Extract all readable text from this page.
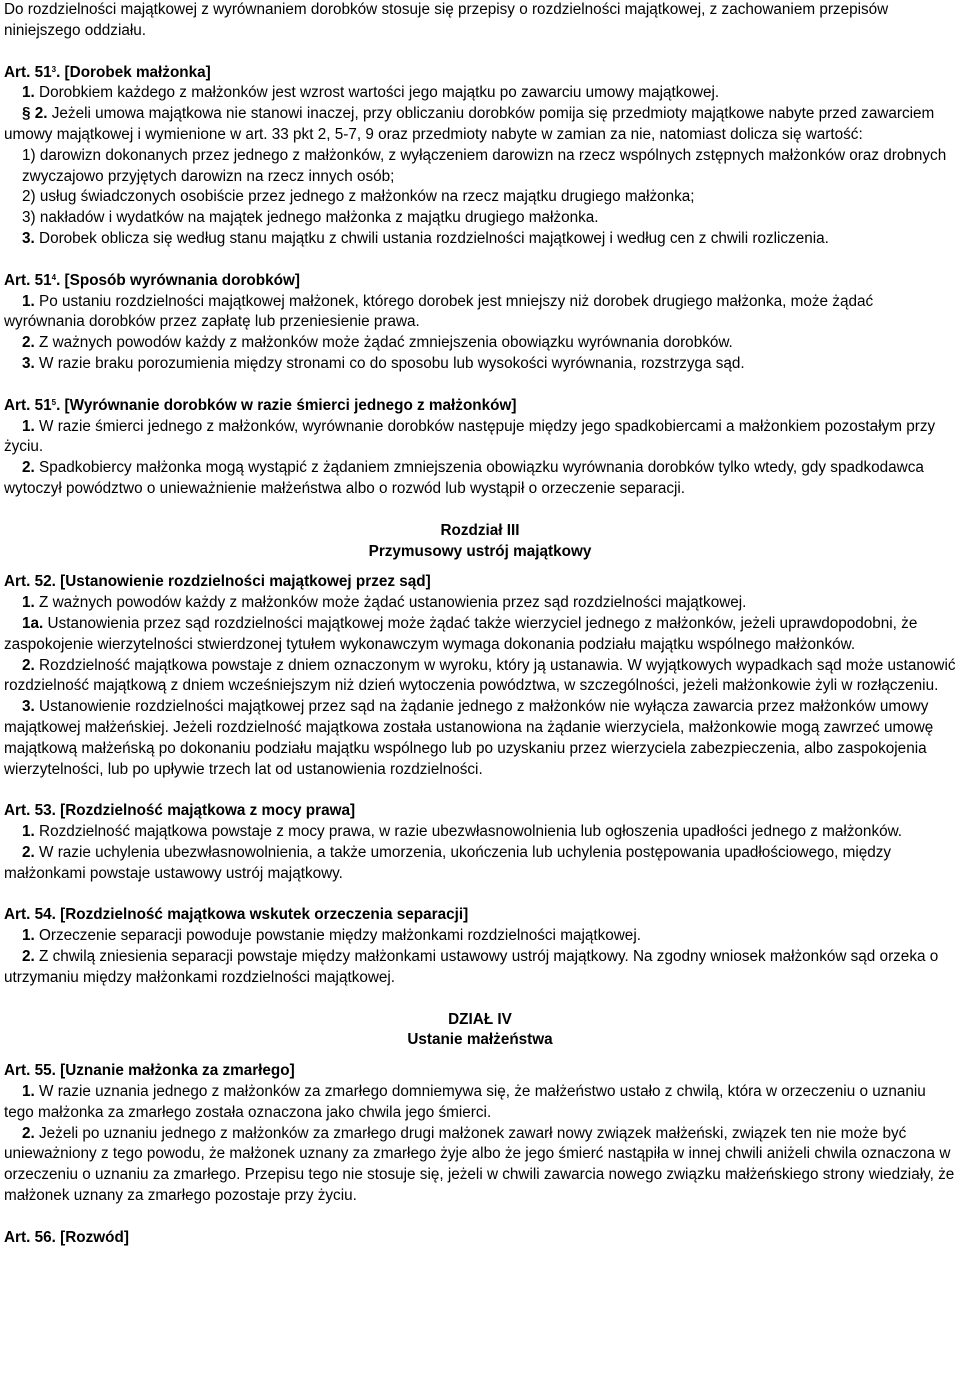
Do rozdzielności majątkowej z wyrównaniem dorobków stosuje się przepisy o rozdzielności majątkowej, z zachowaniem przepisów niniejszego oddziału.

Art. $51^3$. [Dorobek małżonka]

1. Dorobkiem każdego z małżonków jest wzrost wartości jego majątku po zawarciu umowy majątkowej.

§ 2. Jeżeli umowa majątkowa nie stanowi inaczej, przy obliczaniu dorobków pomija się przedmioty majątkowe nabyte przed zawarciem umowy majątkowej i wymienione w art. 33 pkt 2, 5-7, 9 oraz przedmioty nabyte w zamian za nie, natomiast dolicza się wartość:

1) darowizn dokonanych przez jednego z małżonków, z wyłączeniem darowizn na rzecz wspólnych zstępnych małżonków oraz drobnych zwyczajowo przyjętych darowizn na rzecz innych osób;

2) usług świadczonych osobiście przez jednego z małżonków na rzecz majątku drugiego małżonka;

3) nakładów i wydatków na majątek jednego małżonka z majątku drugiego małżonka.

3. Dorobek oblicza się według stanu majątku z chwili ustania rozdzielności majątkowej i według cen z chwili rozliczenia.

Art. $51^4$. [Sposób wyrównania dorobków]

1. Po ustaniu rozdzielności majątkowej małżonek, którego dorobek jest mniejszy niż dorobek drugiego małżonka, może żądać wyrównania dorobków przez zapłatę lub przeniesienie prawa.

2. Z ważnych powodów każdy z małżonków może żądać zmniejszenia obowiązku wyrównania dorobków.

3. W razie braku porozumienia między stronami co do sposobu lub wysokości wyrównania, rozstrzyga sąd.

Art. $51^5$. [Wyrównanie dorobków w razie śmierci jednego z małżonków]

1. W razie śmierci jednego z małżonków, wyrównanie dorobków następuje między jego spadkobiercami a małżonkiem pozostałym przy życiu.

2. Spadkobiercy małżonka mogą wystąpić z żądaniem zmniejszenia obowiązku wyrównania dorobków tylko wtedy, gdy spadkodawca wytoczył powództwo o unieważnienie małżeństwa albo o rozwód lub wystąpił o orzeczenie separacji.

Rozdział III

Przymusowy ustrój majątkowy

Art. 52. [Ustanowienie rozdzielności majątkowej przez sąd]

1. Z ważnych powodów każdy z małżonków może żądać ustanowienia przez sąd rozdzielności majątkowej.

1a. Ustanowienia przez sąd rozdzielności majątkowej może żądać także wierzyciel jednego z małżonków, jeżeli uprawdopodobni, że zaspokojenie wierzytelności stwierdzonej tytułem wykonawczym wymaga dokonania podziału majątku wspólnego małżonków.

2. Rozdzielność majątkowa powstaje z dniem oznaczonym w wyroku, który ją ustanawia. W wyjątkowych wypadkach sąd może ustanowić rozdzielność majątkową z dniem wcześniejszym niż dzień wytoczenia powództwa, w szczególności, jeżeli małżonkowie żyli w rozłączeniu.

3. Ustanowienie rozdzielności majątkowej przez sąd na żądanie jednego z małżonków nie wyłącza zawarcia przez małżonków umowy majątkowej małżeńskiej. Jeżeli rozdzielność majątkowa została ustanowiona na żądanie wierzyciela, małżonkowie mogą zawrzeć umowę majątkową małżeńską po dokonaniu podziału majątku wspólnego lub po uzyskaniu przez wierzyciela zabezpieczenia, albo zaspokojenia wierzytelności, lub po upływie trzech lat od ustanowienia rozdzielności.

Art. 53. [Rozdzielność majątkowa z mocy prawa]

1. Rozdzielność majątkowa powstaje z mocy prawa, w razie ubezwłasnowolnienia lub ogłoszenia upadłości jednego z małżonków.

2. W razie uchylenia ubezwłasnowolnienia, a także umorzenia, ukończenia lub uchylenia postępowania upadłościowego, między małżonkami powstaje ustawowy ustrój majątkowy.

Art. 54. [Rozdzielność majątkowa wskutek orzeczenia separacji]

1. Orzeczenie separacji powoduje powstanie między małżonkami rozdzielności majątkowej.

2. Z chwilą zniesienia separacji powstaje między małżonkami ustawowy ustrój majątkowy. Na zgodny wniosek małżonków sąd orzeka o utrzymaniu między małżonkami rozdzielności majątkowej.

DZIAŁ IV

Ustanie małżeństwa

Art. 55. [Uznanie małżonka za zmarłego]

1. W razie uznania jednego z małżonków za zmarłego domniemywa się, że małżeństwo ustało z chwilą, która w orzeczeniu o uznaniu tego małżonka za zmarłego została oznaczona jako chwila jego śmierci.

2. Jeżeli po uznaniu jednego z małżonków za zmarłego drugi małżonek zawarł nowy związek małżeński, związek ten nie może być unieważniony z tego powodu, że małżonek uznany za zmarłego żyje albo że jego śmierć nastąpiła w innej chwili aniżeli chwila oznaczona w orzeczeniu o uznaniu za zmarłego. Przepisu tego nie stosuje się, jeżeli w chwili zawarcia nowego związku małżeńskiego strony wiedziały, że małżonek uznany za zmarłego pozostaje przy życiu.

Art. 56. [Rozwód]
